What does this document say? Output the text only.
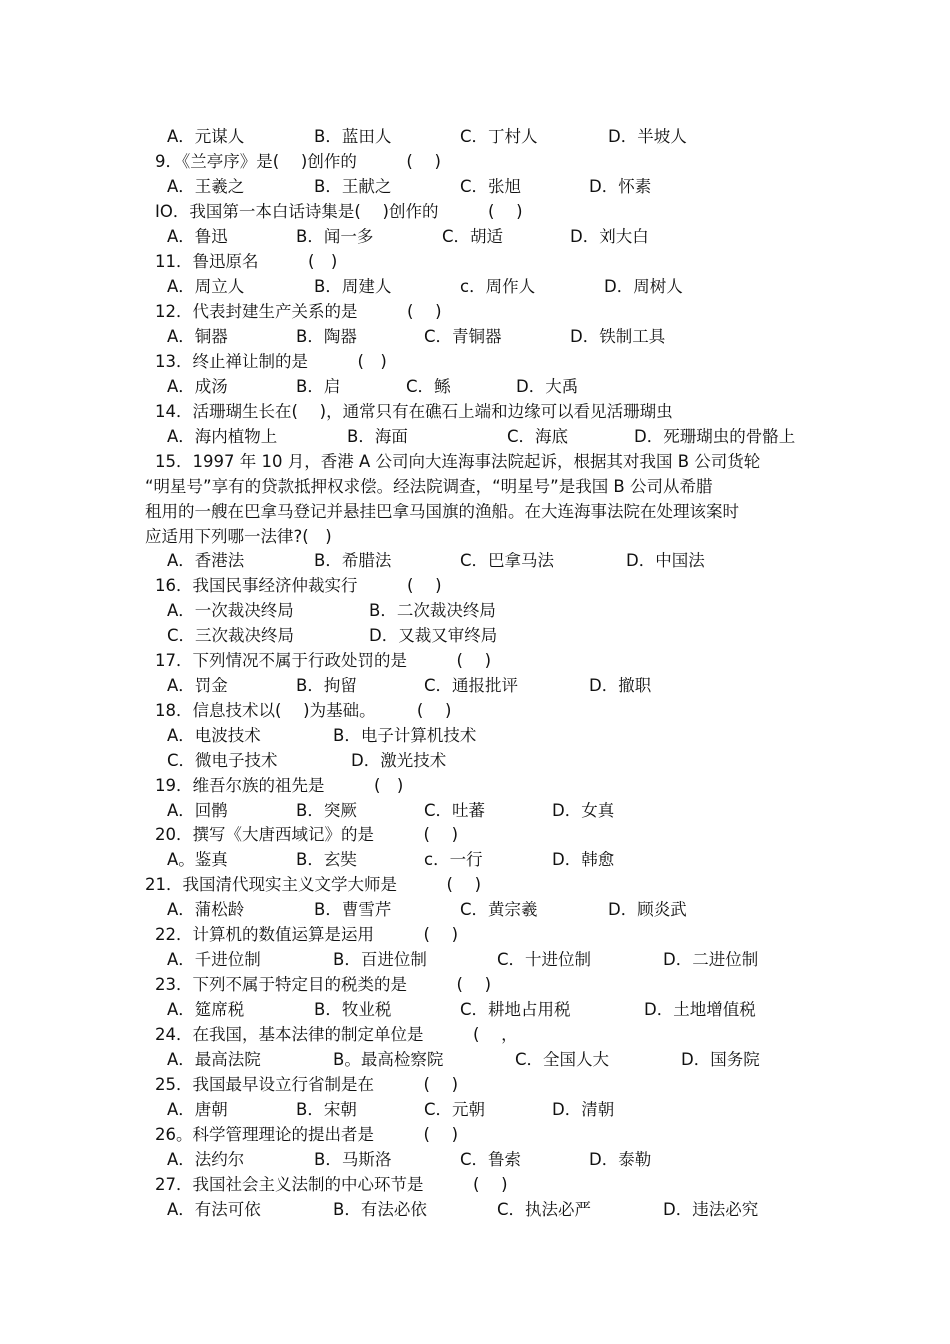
A．元谋人	B．蓝田人	C．丁村人	D．半坡人
9．《兰亭序》是(　 )创作的　　　(　 )
A．王羲之	B．王献之	C．张旭	D．怀素
IO．我国第一本白话诗集是(　 )创作的　　　(　 )
A．鲁迅	B．闻一多	C．胡适	D．刘大白
11．鲁迅原名　　　(　)
A．周立人	B．周建人	c．周作人	D．周树人
12．代表封建生产关系的是　　　(　 )
A．铜器	B．陶器	C．青铜器	D．铁制工具
13．终止禅让制的是　　　(　)
A．成汤	B．启	C．鲧	D．大禹
14．活珊瑚生长在(　 )，通常只有在礁石上端和边缘可以看见活珊瑚虫
A．海内植物上	B．海面	C．海底	D．死珊瑚虫的骨骼上
15．1997 年 10 月，香港 A 公司向大连海事法院起诉，根据其对我国 B 公司货轮
“明星号”享有的贷款抵押权求偿。经法院调查，“明星号”是我国 B 公司从希腊
租用的一艘在巴拿马登记并悬挂巴拿马国旗的渔船。在大连海事法院在处理该案时
应适用下列哪一法律?(　)
A．香港法	B．希腊法	C．巴拿马法	D．中国法
16．我国民事经济仲裁实行　　　(　 )
A．一次裁决终局	B．二次裁决终局
C．三次裁决终局	D．又裁又审终局
17．下列情况不属于行政处罚的是　　　(　 )
A．罚金	B．拘留	C．通报批评	D．撤职
18．信息技术以(　 )为基础。　　　(　 )
A．电波技术	B．电子计算机技术
C．微电子技术	D．激光技术
19．维吾尔族的祖先是　　　(　)
A．回鹘	B．突厥	C．吐蕃	D．女真
20．撰写《大唐西域记》的是　　　(　 )
A。鉴真	B．玄奘	c．一行	D．韩愈
21．我国清代现实主义文学大师是　　　(　 )
A．蒲松龄	B．曹雪芹	C．黄宗羲	D．顾炎武
22．计算机的数值运算是运用　　　(　 )
A．千进位制	B．百进位制	C．十进位制	D．二进位制
23．下列不属于特定目的税类的是　　　(　 )
A．筵席税	B．牧业税	C．耕地占用税	D．土地增值税
24．在我国，基本法律的制定单位是　　　(　 ，
A．最高法院	B。最高检察院	C．全国人大	D．国务院
25．我国最早设立行省制是在　　　(　 )
A．唐朝	B．宋朝	C．元朝	D．清朝
26。科学管理理论的提出者是　　　(　 )
A．法约尔	B．马斯洛	C．鲁索	D．泰勒
27．我国社会主义法制的中心环节是　　　(　 )
A．有法可依	B．有法必依	C．执法必严	D．违法必究
